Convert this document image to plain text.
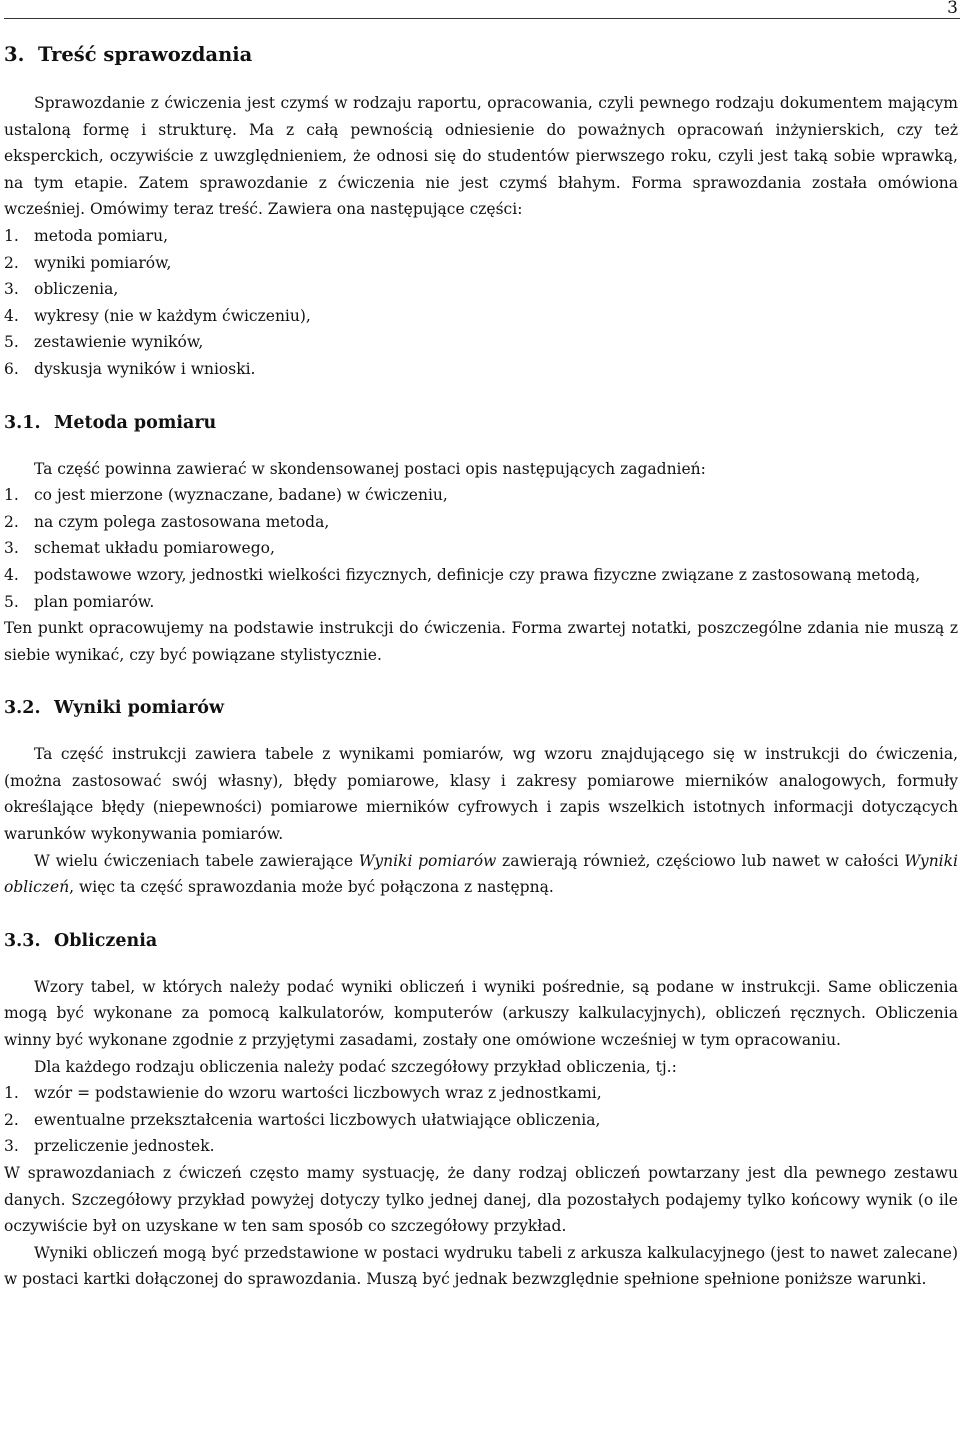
3
3. Treść sprawozdania

Sprawozdanie z ćwiczenia jest czymś w rodzaju raportu, opracowania, czyli pewnego rodzaju dokumentem mającym ustaloną formę i strukturę. Ma z całą pewnością odniesienie do poważnych opracowań inżynierskich, czy też eksperckich, oczywiście z uwzględnieniem, że odnosi się do studentów pierwszego roku, czyli jest taką sobie wprawką, na tym etapie. Zatem sprawozdanie z ćwiczenia nie jest czymś błahym. Forma sprawozdania została omówiona wcześniej. Omówimy teraz treść. Zawiera ona następujące części:

1. metoda pomiaru,
2. wyniki pomiarów,
3. obliczenia,
4. wykresy (nie w każdym ćwiczeniu),
5. zestawienie wyników,
6. dyskusja wyników i wnioski.
3.1. Metoda pomiaru

Ta część powinna zawierać w skondensowanej postaci opis następujących zagadnień:

1. co jest mierzone (wyznaczane, badane) w ćwiczeniu,
2. na czym polega zastosowana metoda,
3. schemat układu pomiarowego,
4. podstawowe wzory, jednostki wielkości fizycznych, definicje czy prawa fizyczne związane z zastosowaną metodą,
5. plan pomiarów.

Ten punkt opracowujemy na podstawie instrukcji do ćwiczenia. Forma zwartej notatki, poszczególne zdania nie muszą z siebie wynikać, czy być powiązane stylistycznie.

3.2. Wyniki pomiarów

Ta część instrukcji zawiera tabele z wynikami pomiarów, wg wzoru znajdującego się w instrukcji do ćwiczenia, (można zastosować swój własny), błędy pomiarowe, klasy i zakresy pomiarowe mierników analogowych, formuły określające błędy (niepewności) pomiarowe mierników cyfrowych i zapis wszelkich istotnych informacji dotyczących warunków wykonywania pomiarów.

W wielu ćwiczeniach tabele zawierające Wyniki pomiarów zawierają również, częściowo lub nawet w całości Wyniki obliczeń, więc ta część sprawozdania może być połączona z następną.

3.3. Obliczenia

Wzory tabel, w których należy podać wyniki obliczeń i wyniki pośrednie, są podane w instrukcji. Same obliczenia mogą być wykonane za pomocą kalkulatorów, komputerów (arkuszy kalkulacyjnych), obliczeń ręcznych. Obliczenia winny być wykonane zgodnie z przyjętymi zasadami, zostały one omówione wcześniej w tym opracowaniu.

Dla każdego rodzaju obliczenia należy podać szczegółowy przykład obliczenia, tj.:

1. wzór = podstawienie do wzoru wartości liczbowych wraz z jednostkami,
2. ewentualne przekształcenia wartości liczbowych ułatwiające obliczenia,
3. przeliczenie jednostek.

W sprawozdaniach z ćwiczeń często mamy systuację, że dany rodzaj obliczeń powtarzany jest dla pewnego zestawu danych. Szczegółowy przykład powyżej dotyczy tylko jednej danej, dla pozostałych podajemy tylko końcowy wynik (o ile oczywiście był on uzyskane w ten sam sposób co szczegółowy przykład.

Wyniki obliczeń mogą być przedstawione w postaci wydruku tabeli z arkusza kalkulacyjnego (jest to nawet zalecane) w postaci kartki dołączonej do sprawozdania. Muszą być jednak bezwzględnie spełnione spełnione poniższe warunki.
